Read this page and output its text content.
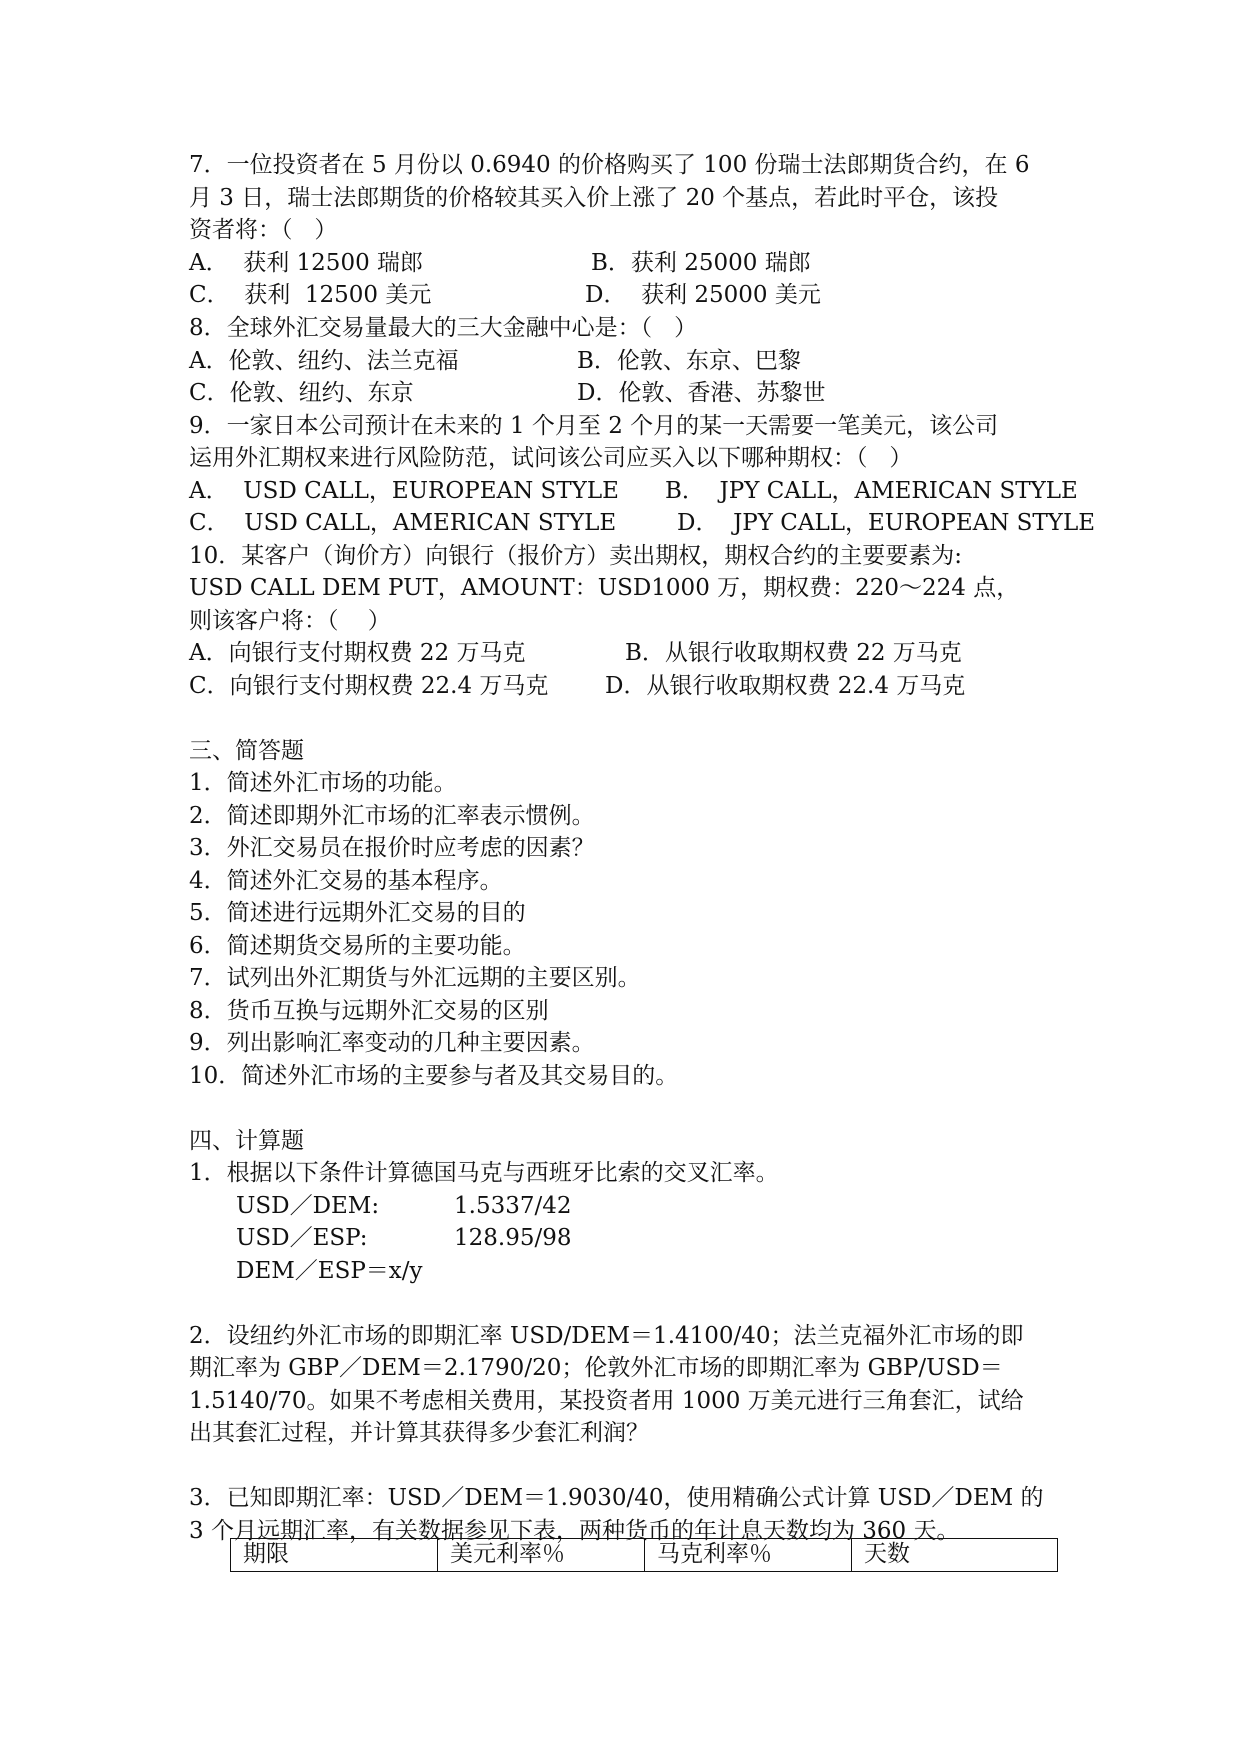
7．一位投资者在 5 月份以 0.6940 的价格购买了 100 份瑞士法郎期货合约，在 6
月 3 日，瑞士法郎期货的价格较其买入价上涨了 20 个基点，若此时平仓，该投
资者将：（   ）

A．  获利 12500 瑞郎

	B．获利 25000 瑞郎

C．  获利  12500 美元

	D．  获利 25000 美元

8．全球外汇交易量最大的三大金融中心是：（   ）

A．伦敦、纽约、法兰克福

	B．伦敦、东京、巴黎

C．伦敦、纽约、东京

	D．伦敦、香港、苏黎世

9．一家日本公司预计在未来的 1 个月至 2 个月的某一天需要一笔美元，该公司
运用外汇期权来进行风险防范，试问该公司应买入以下哪种期权：（   ）

A．  USD CALL，EUROPEAN STYLE

B．  JPY CALL，AMERICAN STYLE

C．  USD CALL，AMERICAN STYLE

	D．  JPY CALL，EUROPEAN STYLE

10．某客户（询价方）向银行（报价方）卖出期权，期权合约的主要要素为:
USD CALL DEM PUT，AMOUNT：USD1000 万，期权费：220～224 点，
则该客户将：（    ）

A．向银行支付期权费 22 万马克

	B．从银行收取期权费 22 万马克

C．向银行支付期权费 22.4 万马克

D．从银行收取期权费 22.4 万马克

三、简答题
1．简述外汇市场的功能。
2．简述即期外汇市场的汇率表示惯例。
3．外汇交易员在报价时应考虑的因素？
4．简述外汇交易的基本程序。
5．简述进行远期外汇交易的目的
6．简述期货交易所的主要功能。
7．试列出外汇期货与外汇远期的主要区别。
8．货币互换与远期外汇交易的区别
9．列出影响汇率变动的几种主要因素。
10．简述外汇市场的主要参与者及其交易目的。
四、计算题
1．根据以下条件计算德国马克与西班牙比索的交叉汇率。

USD／DEM:

	1.5337/42

USD／ESP:

	128.95/98

DEM／ESP＝x/y
2．设纽约外汇市场的即期汇率 USD/DEM＝1.4100/40；法兰克福外汇市场的即
期汇率为 GBP／DEM＝2.1790/20；伦敦外汇市场的即期汇率为 GBP/USD＝
1.5140/70。如果不考虑相关费用，某投资者用 1000 万美元进行三角套汇，试给
出其套汇过程，并计算其获得多少套汇利润？
3．已知即期汇率：USD／DEM＝1.9030/40，使用精确公式计算 USD／DEM 的
3 个月远期汇率，有关数据参见下表，两种货币的年计息天数均为 360 天。
期限	美元利率％	马克利率％	天数
